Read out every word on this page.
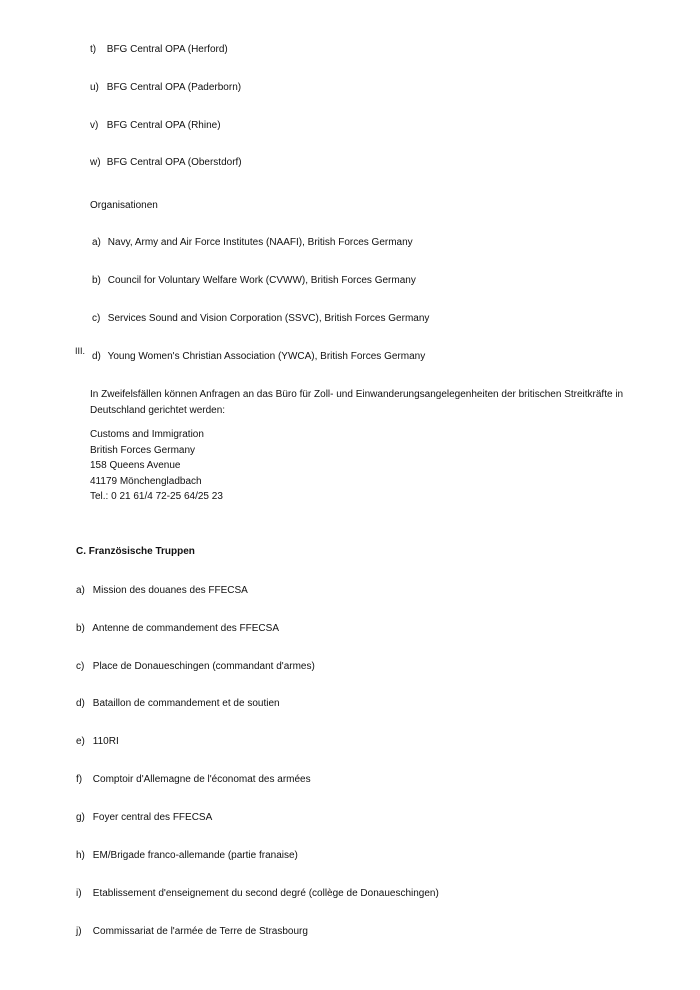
t) BFG Central OPA (Herford)
u) BFG Central OPA (Paderborn)
v) BFG Central OPA (Rhine)
w) BFG Central OPA (Oberstdorf)
Organisationen
a) Navy, Army and Air Force Institutes (NAAFI), British Forces Germany
b) Council for Voluntary Welfare Work (CVWW), British Forces Germany
c) Services Sound and Vision Corporation (SSVC), British Forces Germany
III. d) Young Women's Christian Association (YWCA), British Forces Germany
In Zweifelsfällen können Anfragen an das Büro für Zoll- und Einwanderungsangelegenheiten der britischen Streitkräfte in Deutschland gerichtet werden:
Customs and Immigration
British Forces Germany
158 Queens Avenue
41179 Mönchengladbach
Tel.: 0 21 61/4 72-25 64/25 23
C. Französische Truppen
a) Mission des douanes des FFECSA
b) Antenne de commandement des FFECSA
c) Place de Donaueschingen (commandant d'armes)
d) Bataillon de commandement et de soutien
e) 110RI
f) Comptoir d'Allemagne de l'économat des armées
g) Foyer central des FFECSA
h) EM/Brigade franco-allemande (partie franaise)
i) Etablissement d'enseignement du second degré (collège de Donaueschingen)
j) Commissariat de l'armée de Terre de Strasbourg
